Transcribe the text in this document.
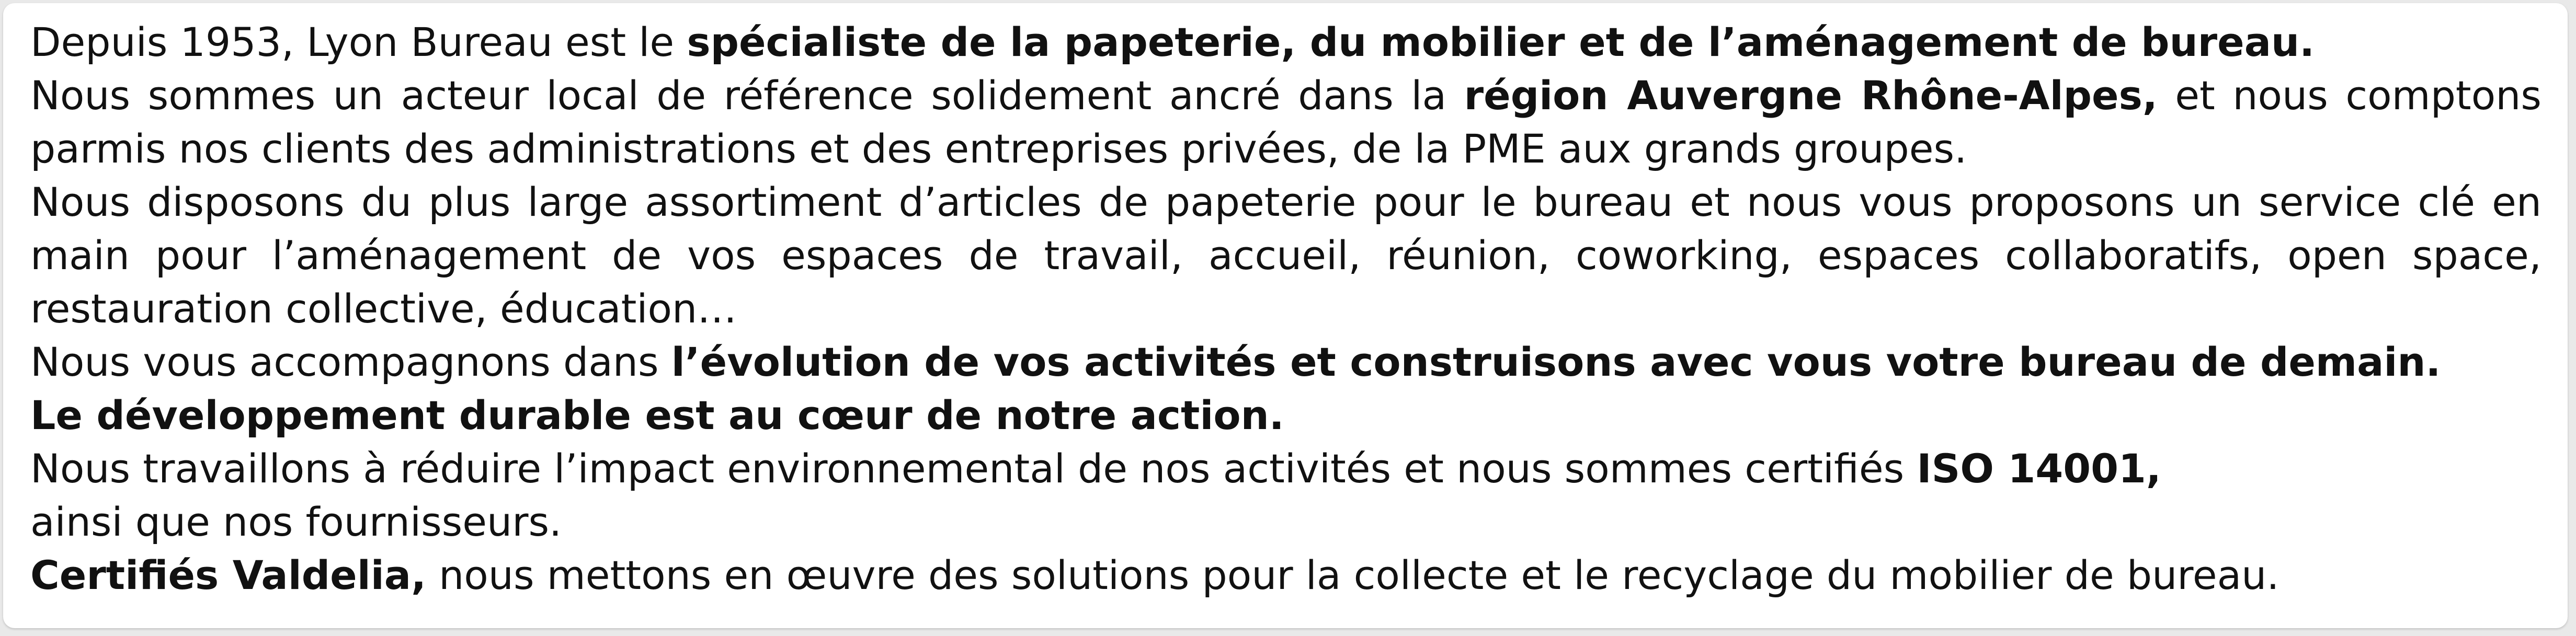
Depuis 1953, Lyon Bureau est le spécialiste de la papeterie, du mobilier et de l’aménagement de bureau.

Nous sommes un acteur local de référence solidement ancré dans la région Auvergne Rhône-Alpes, et nous comptons parmis nos clients des administrations et des entreprises privées, de la PME aux grands groupes.

Nous disposons du plus large assortiment d’articles de papeterie pour le bureau et nous vous proposons un service clé en main pour l’aménagement de vos espaces de travail, accueil, réunion, coworking, espaces collaboratifs, open space, restauration collective, éducation…

Nous vous accompagnons dans l’évolution de vos activités et construisons avec vous votre bureau de demain.

Le développement durable est au cœur de notre action.

Nous travaillons à réduire l’impact environnemental de nos activités et nous sommes certifiés ISO 14001,

ainsi que nos fournisseurs.

Certifiés Valdelia, nous mettons en œuvre des solutions pour la collecte et le recyclage du mobilier de bureau.
